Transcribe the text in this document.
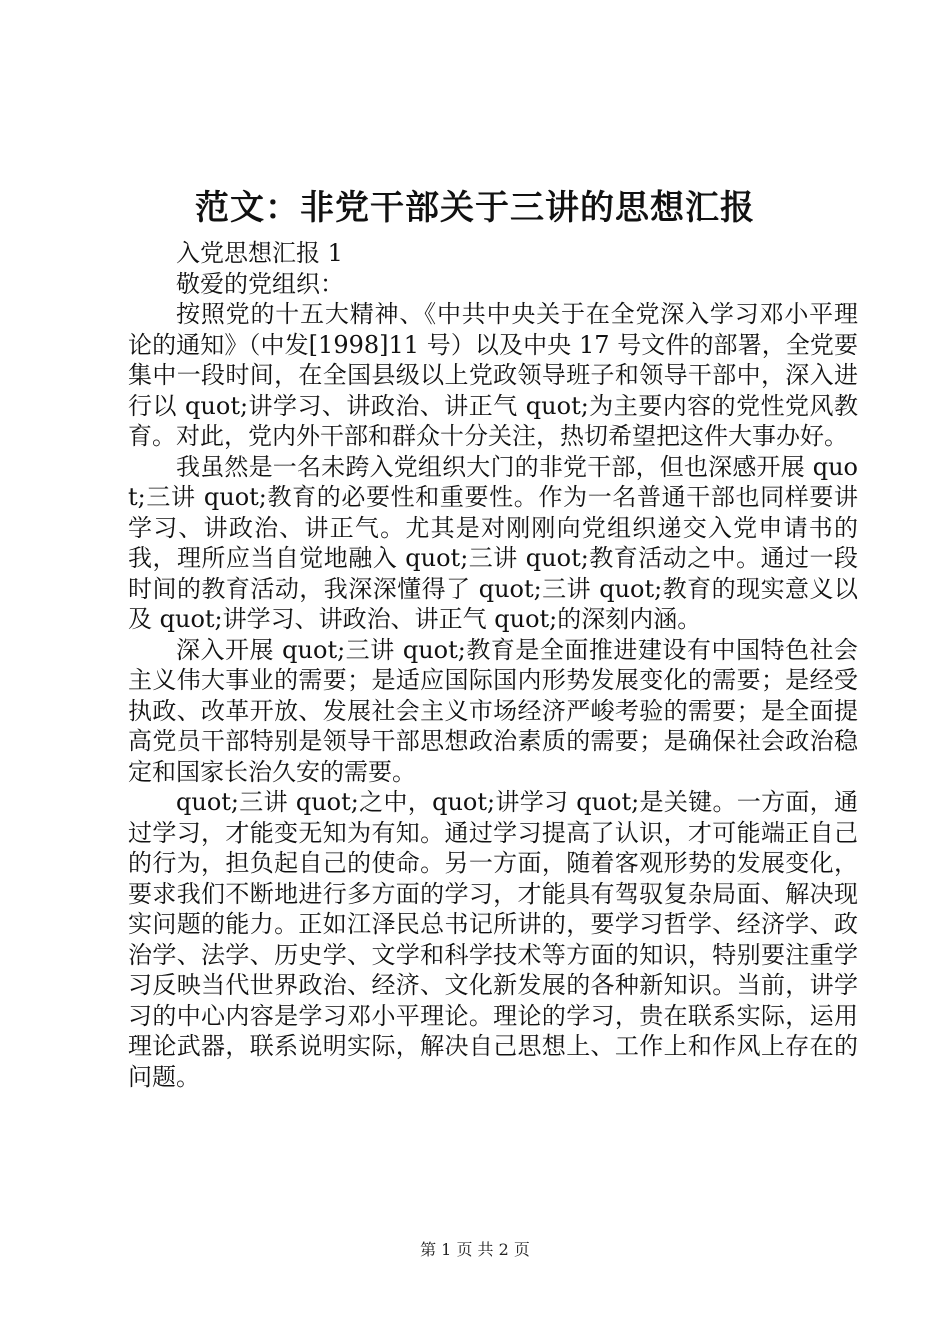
范文：非党干部关于三讲的思想汇报

入党思想汇报 1

敬爱的党组织：

按照党的十五大精神、《中共中央关于在全党深入学习邓小平理论的通知》（中发[1998]11 号）以及中央 17 号文件的部署，全党要集中一段时间，在全国县级以上党政领导班子和领导干部中，深入进行以 quot;讲学习、讲政治、讲正气 quot;为主要内容的党性党风教育。对此，党内外干部和群众十分关注，热切希望把这件大事办好。

我虽然是一名未跨入党组织大门的非党干部，但也深感开展 quot;三讲 quot;教育的必要性和重要性。作为一名普通干部也同样要讲学习、讲政治、讲正气。尤其是对刚刚向党组织递交入党申请书的我，理所应当自觉地融入 quot;三讲 quot;教育活动之中。通过一段时间的教育活动，我深深懂得了 quot;三讲 quot;教育的现实意义以及 quot;讲学习、讲政治、讲正气 quot;的深刻内涵。

深入开展 quot;三讲 quot;教育是全面推进建设有中国特色社会主义伟大事业的需要；是适应国际国内形势发展变化的需要；是经受执政、改革开放、发展社会主义市场经济严峻考验的需要；是全面提高党员干部特别是领导干部思想政治素质的需要；是确保社会政治稳定和国家长治久安的需要。

quot;三讲 quot;之中，quot;讲学习 quot;是关键。一方面，通过学习，才能变无知为有知。通过学习提高了认识，才可能端正自己的行为，担负起自己的使命。另一方面，随着客观形势的发展变化，要求我们不断地进行多方面的学习，才能具有驾驭复杂局面、解决现实问题的能力。正如江泽民总书记所讲的，要学习哲学、经济学、政治学、法学、历史学、文学和科学技术等方面的知识，特别要注重学习反映当代世界政治、经济、文化新发展的各种新知识。当前，讲学习的中心内容是学习邓小平理论。理论的学习，贵在联系实际，运用理论武器，联系说明实际，解决自己思想上、工作上和作风上存在的问题。

第 1 页 共 2 页
